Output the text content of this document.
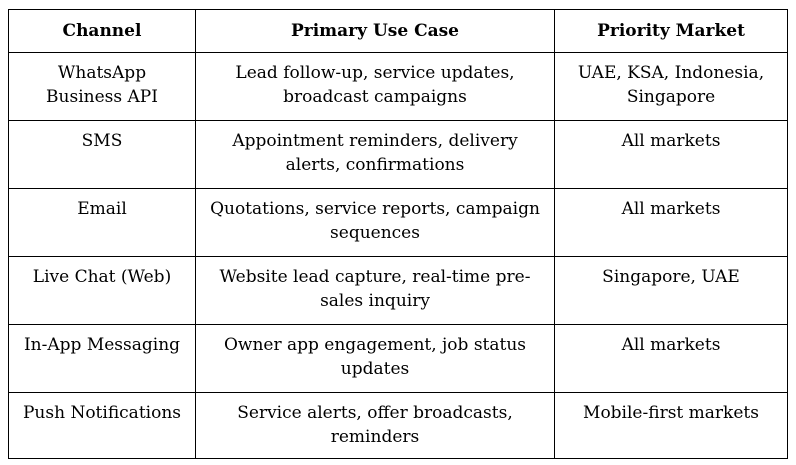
Channel	Primary Use Case	Priority Market
WhatsApp Business API	Lead follow-up, service updates, broadcast campaigns	UAE, KSA, Indonesia, Singapore
SMS	Appointment reminders, delivery alerts, confirmations	All markets
Email	Quotations, service reports, campaign sequences	All markets
Live Chat (Web)	Website lead capture, real-time pre-sales inquiry	Singapore, UAE
In-App Messaging	Owner app engagement, job status updates	All markets
Push Notifications	Service alerts, offer broadcasts, reminders	Mobile-first markets
